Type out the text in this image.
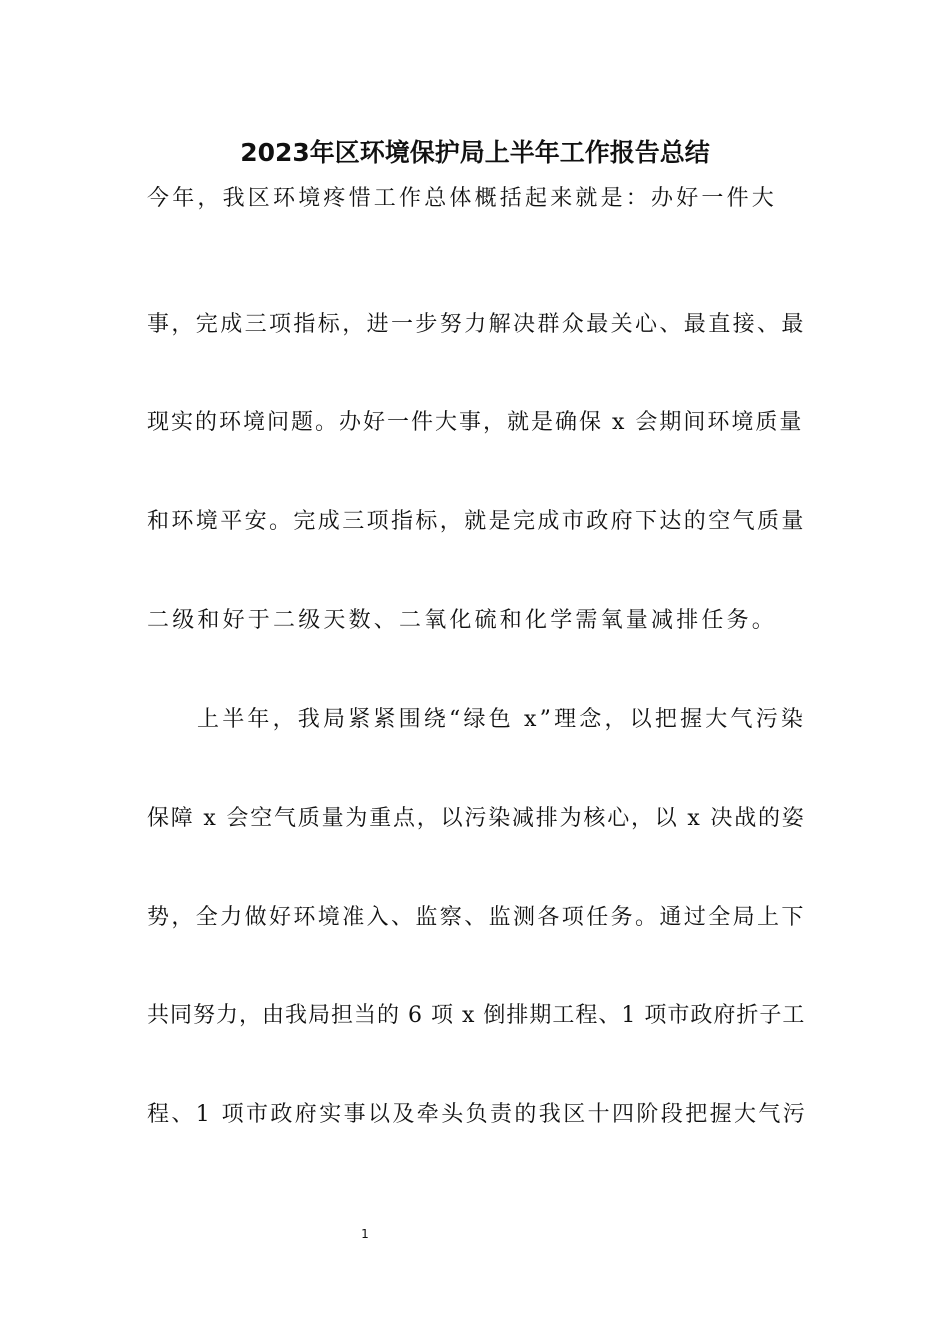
2023年区环境保护局上半年工作报告总结
今年，我区环境疼惜工作总体概括起来就是：办好一件大
事，完成三项指标，进一步努力解决群众最关心、最直接、最
现实的环境问题。办好一件大事，就是确保 x 会期间环境质量
和环境平安。完成三项指标，就是完成市政府下达的空气质量
二级和好于二级天数、二氧化硫和化学需氧量减排任务。
上半年，我局紧紧围绕“绿色 x”理念，以把握大气污染
保障 x 会空气质量为重点，以污染减排为核心，以 x 决战的姿
势，全力做好环境准入、监察、监测各项任务。通过全局上下
共同努力，由我局担当的 6 项 x 倒排期工程、1 项市政府折子工
程、1 项市政府实事以及牵头负责的我区十四阶段把握大气污
1
